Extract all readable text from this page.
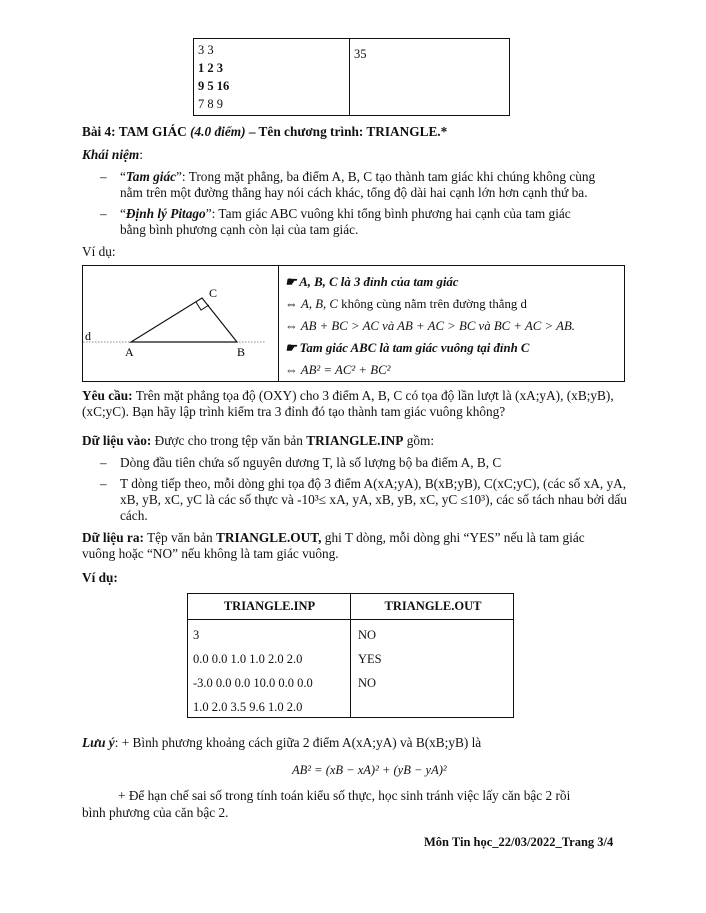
3 3
1 2 3
9 5 16
7 8 9
35
Bài 4: TAM GIÁC (4.0 điểm) – Tên chương trình: TRIANGLE.*
Khái niệm:
– “Tam giác”: Trong mặt phẳng, ba điểm A, B, C tạo thành tam giác khi chúng không cùng
nằm trên một đường thẳng hay nói cách khác, tổng độ dài hai cạnh lớn hơn cạnh thứ ba.
– “Định lý Pitago”: Tam giác ABC vuông khi tổng bình phương hai cạnh của tam giác
bằng bình phương cạnh còn lại của tam giác.
Ví dụ:
d
A	B
C
☛ A, B, C là 3 đỉnh của tam giác
⇔ A, B, C không cùng nằm trên đường thẳng d
⇔ AB + BC > AC và AB + AC > BC và BC + AC > AB.
☛ Tam giác ABC là tam giác vuông tại đỉnh C
⇔ AB² = AC² + BC²
Yêu cầu: Trên mặt phẳng tọa độ (OXY) cho 3 điểm A, B, C có tọa độ lần lượt là (xA;yA), (xB;yB),
(xC;yC). Bạn hãy lập trình kiểm tra 3 đỉnh đó tạo thành tam giác vuông không?
Dữ liệu vào: Được cho trong tệp văn bản TRIANGLE.INP gồm:
– Dòng đầu tiên chứa số nguyên dương T, là số lượng bộ ba điểm A, B, C
– T dòng tiếp theo, mỗi dòng ghi tọa độ 3 điểm A(xA;yA), B(xB;yB), C(xC;yC), (các số xA, yA,
xB, yB, xC, yC là các số thực và -10³≤ xA, yA, xB, yB, xC, yC ≤10³), các số tách nhau bởi dấu
cách.
Dữ liệu ra: Tệp văn bản TRIANGLE.OUT, ghi T dòng, mỗi dòng ghi “YES” nếu là tam giác
vuông hoặc “NO” nếu không là tam giác vuông.
Ví dụ:
TRIANGLE.INP	TRIANGLE.OUT
3
0.0 0.0 1.0 1.0 2.0 2.0
-3.0 0.0 0.0 10.0 0.0 0.0
1.0 2.0 3.5 9.6 1.0 2.0
NO
YES
NO
Lưu ý: + Bình phương khoảng cách giữa 2 điểm A(xA;yA) và B(xB;yB) là
AB² = (xB − xA)² + (yB − yA)²
+ Để hạn chế sai số trong tính toán kiểu số thực, học sinh tránh việc lấy căn bậc 2 rồi
bình phương của căn bậc 2.
Môn Tin học_22/03/2022_Trang 3/4
